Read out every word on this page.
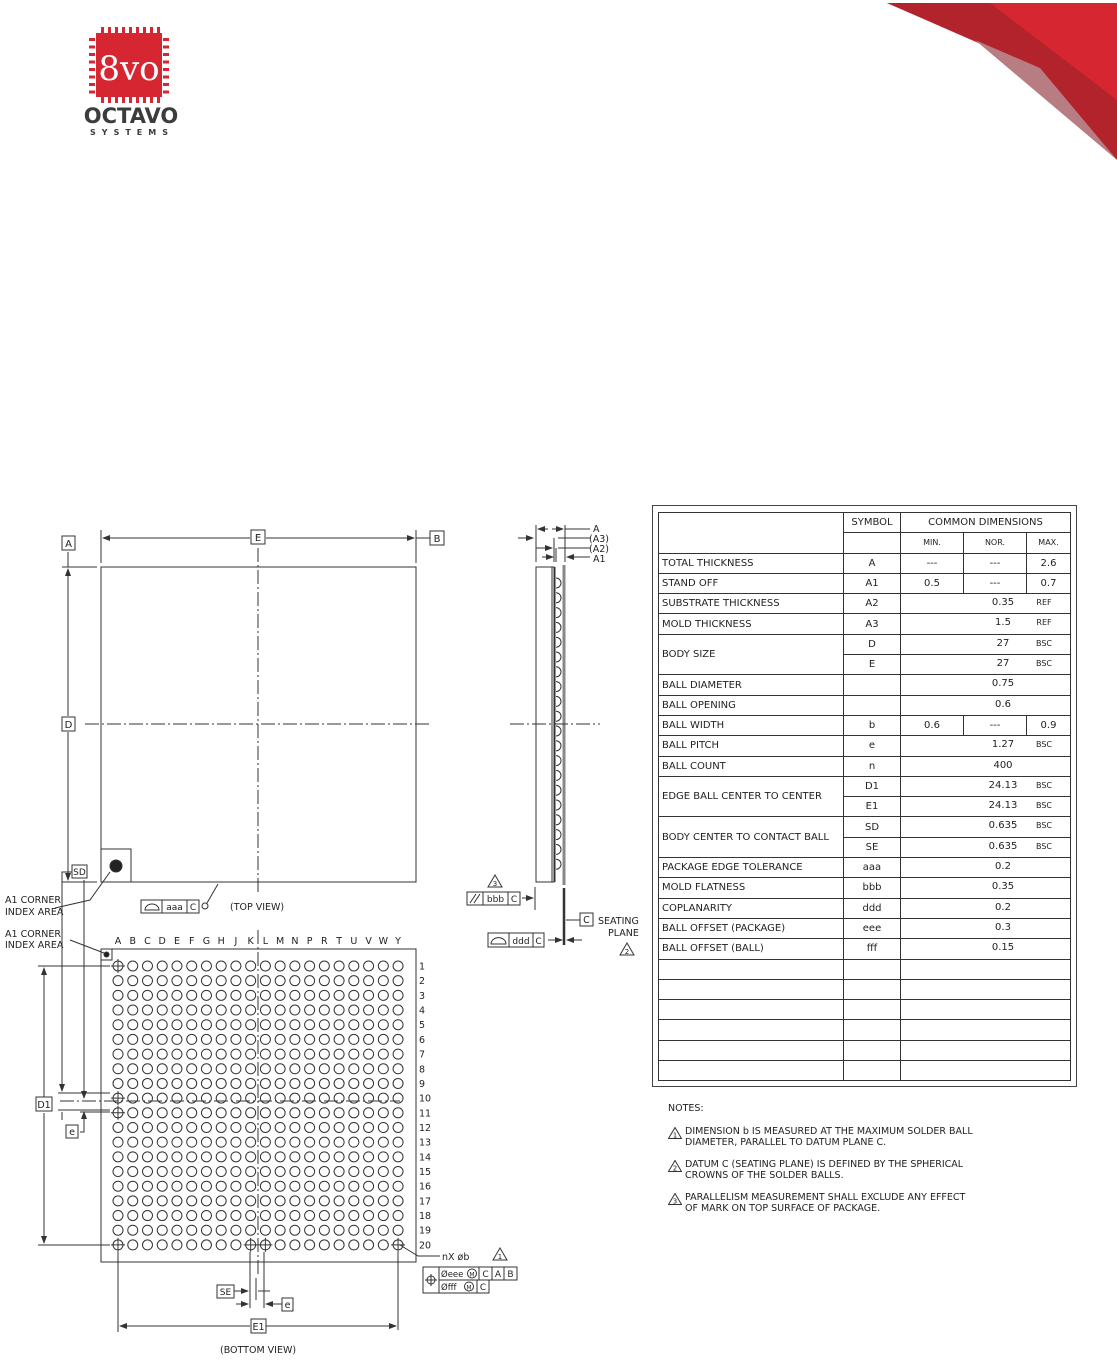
8vo
OCTAVO
SYSTEMS
A
E	B
D
A1 CORNER
INDEX AREA	aaa C	(TOP VIEW)
A
(A3)
(A2)
A1
3
bbb C
C SEATING
PLANE
2
ddd C
A1 CORNER
INDEX AREA	A B C D E F G H J K L M N P R T U V W Y
1
2
3
4
5
6
7
8
9
10
11
12
13
14
15
16
17
18
19
20
D1
SD
e
SE
e
E1
(BOTTOM VIEW)
nX øb	1
Øeee M C A B
Øfff M C
	SYMBOL	COMMON DIMENSIONS		
		MIN.	NOR.	MAX.
TOTAL THICKNESS	A	---	---	2.6
STAND OFF	A1	0.5	---	0.7
SUBSTRATE THICKNESS	A2	0.35 REF		

MOLD THICKNESS	A3	1.5 REF		

BODY SIZE	D	27 BSC		

	E	27 BSC		

BALL DIAMETER		0.75		

BALL OPENING		0.6		

BALL WIDTH	b	0.6	---	0.9
BALL PITCH	e	1.27 BSC		

BALL COUNT	n	400		

EDGE BALL CENTER TO CENTER	D1	24.13 BSC		

	E1	24.13 BSC		

BODY CENTER TO CONTACT BALL	SD	0.635 BSC		

	SE	0.635 BSC		

PACKAGE EDGE TOLERANCE	aaa	0.2		

MOLD FLATNESS	bbb	0.35		

COPLANARITY	ddd	0.2		

BALL OFFSET (PACKAGE)	eee	0.3		

BALL OFFSET (BALL)	fff	0.15		

NOTES:
1 DIMENSION b IS MEASURED AT THE MAXIMUM SOLDER BALL
DIAMETER, PARALLEL TO DATUM PLANE C.
2 DATUM C (SEATING PLANE) IS DEFINED BY THE SPHERICAL
CROWNS OF THE SOLDER BALLS.
3 PARALLELISM MEASUREMENT SHALL EXCLUDE ANY EFFECT
OF MARK ON TOP SURFACE OF PACKAGE.
